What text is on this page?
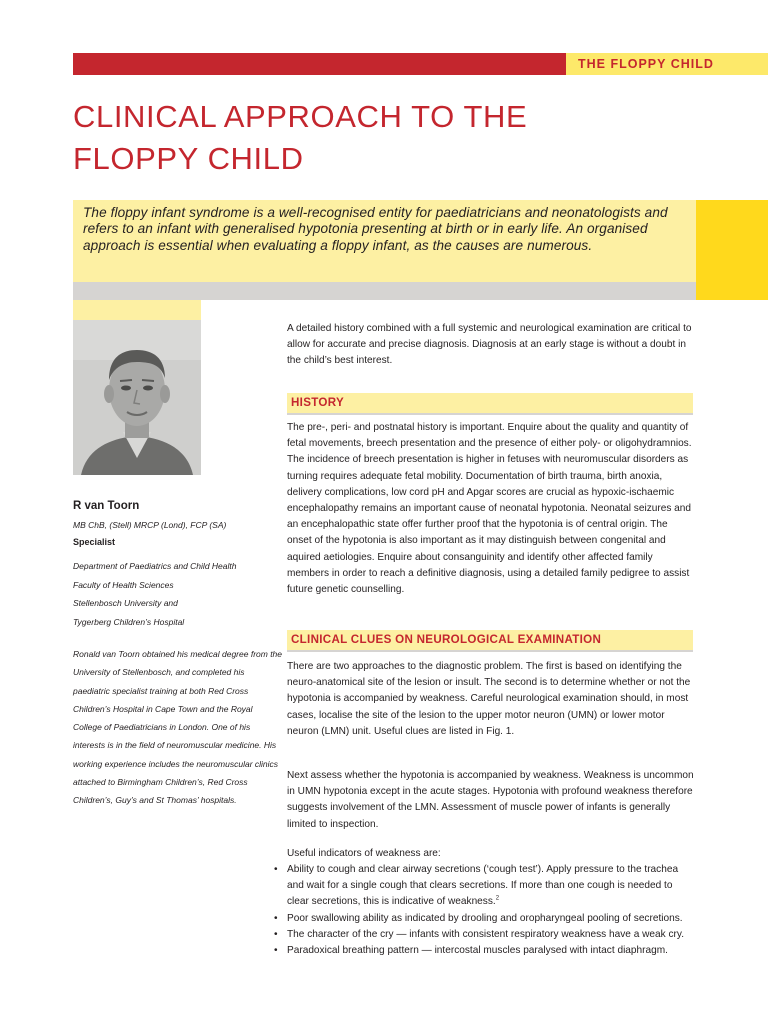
THE FLOPPY CHILD
CLINICAL APPROACH TO THE
FLOPPY CHILD

The floppy infant syndrome is a well-recognised entity for paediatricians and neonatologists and refers to an infant with generalised hypotonia presenting at birth or in early life. An organised approach is essential when evaluating a floppy infant, as the causes are numerous.

R van Toorn
MB ChB, (Stell) MRCP (Lond), FCP (SA)
Specialist
Department of Paediatrics and Child Health
Faculty of Health Sciences
Stellenbosch University and
Tygerberg Children’s Hospital

Ronald van Toorn obtained his medical degree from the University of Stellenbosch, and completed his paediatric specialist training at both Red Cross Children’s Hospital in Cape Town and the Royal College of Paediatricians in London. One of his interests is in the field of neuromuscular medicine. His working experience includes the neuromuscular clinics attached to Birmingham Children’s, Red Cross Children’s, Guy’s and St Thomas’ hospitals.

A detailed history combined with a full systemic and neurological examination are critical to allow for accurate and precise diagnosis. Diagnosis at an early stage is without a doubt in the child’s best interest.

HISTORY

The pre-, peri- and postnatal history is important. Enquire about the quality and quantity of fetal movements, breech presentation and the presence of either poly- or oligohydramnios. The incidence of breech presentation is higher in fetuses with neuromuscular disorders as turning requires adequate fetal mobility. Documentation of birth trauma, birth anoxia, delivery complications, low cord pH and Apgar scores are crucial as hypoxic-ischaemic encephalopathy remains an important cause of neonatal hypotonia. Neonatal seizures and an encephalopathic state offer further proof that the hypotonia is of central origin. The onset of the hypotonia is also important as it may distinguish between congenital and aquired aetiologies. Enquire about consanguinity and identify other affected family members in order to reach a definitive diagnosis, using a detailed family pedigree to assist future genetic counselling.

CLINICAL CLUES ON NEUROLOGICAL EXAMINATION

There are two approaches to the diagnostic problem. The first is based on identifying the neuro-anatomical site of the lesion or insult. The second is to determine whether or not the hypotonia is accompanied by weakness. Careful neurological examination should, in most cases, localise the site of the lesion to the upper motor neuron (UMN) or lower motor neuron (LMN) unit. Useful clues are listed in Fig. 1.

Next assess whether the hypotonia is accompanied by weakness. Weakness is uncommon in UMN hypotonia except in the acute stages. Hypotonia with profound weakness therefore suggests involvement of the LMN. Assessment of muscle power of infants is generally limited to inspection.

Useful indicators of weakness are:

• Ability to cough and clear airway secretions (‘cough test’). Apply pressure to the trachea and wait for a single cough that clears secretions. If more than one cough is needed to clear secretions, this is indicative of weakness.$^2$
• Poor swallowing ability as indicated by drooling and oropharyngeal pooling of secretions.
• The character of the cry — infants with consistent respiratory weakness have a weak cry.
• Paradoxical breathing pattern — intercostal muscles paralysed with intact diaphragm.
